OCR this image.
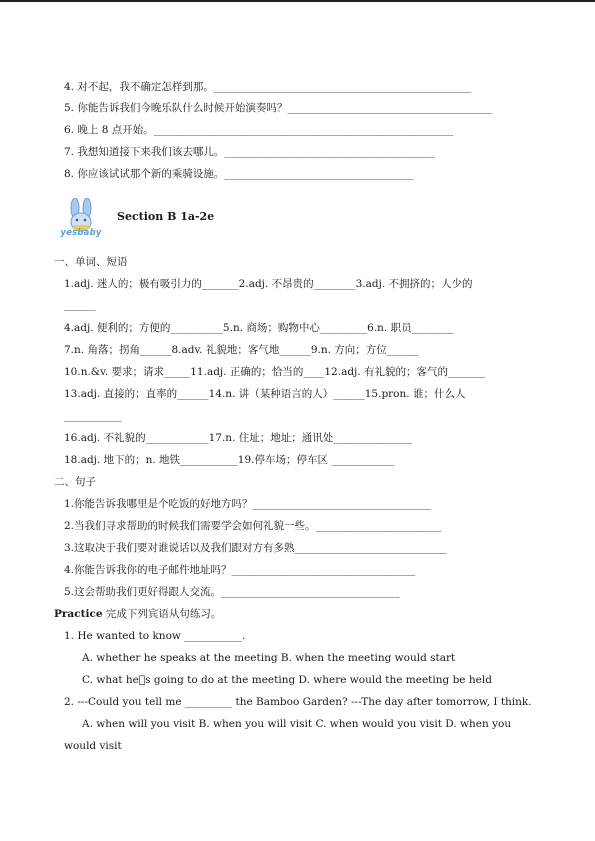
4. 对不起，我不确定怎样到那。_________________________________________________
5. 你能告诉我们今晚乐队什么时候开始演奏吗？_______________________________________
6. 晚上 8 点开始。_________________________________________________________
7. 我想知道接下来我们该去哪儿。________________________________________
8. 你应该试试那个新的乘骑设施。____________________________________
yesbaby
Section B 1a-2e
一、单词、短语
1.adj. 迷人的；极有吸引力的_______2.adj. 不昂贵的________3.adj. 不拥挤的；人少的
______
4.adj. 便利的；方便的__________5.n. 商场；购物中心_________6.n. 职员________
7.n. 角落；拐角______8.adv. 礼貌地；客气地______9.n. 方向；方位______
10.n.&v. 要求；请求_____11.adj. 正确的；恰当的____12.adj. 有礼貌的；客气的_______
13.adj. 直接的；直率的______14.n. 讲（某种语言的人）______15.pron. 谁；什么人
___________
16.adj. 不礼貌的____________17.n. 住址；地址；通讯处_______________
18.adj. 地下的；n. 地铁___________19.停车场；停车区 ____________
二、句子
1.你能告诉我哪里是个吃饭的好地方吗？__________________________________
2.当我们寻求帮助的时候我们需要学会如何礼貌一些。________________________
3.这取决于我们要对谁说话以及我们跟对方有多熟_____________________________
4.你能告诉我你的电子邮件地址吗？___________________________________
5.这会帮助我们更好得跟人交流。__________________________________
Practice 完成下列宾语从句练习。
1. He wanted to know ___________.
A. whether he speaks at the meeting B. when the meeting would start
C. what he s going to do at the meeting D. where would the meeting be held
2. ---Could you tell me _________ the Bamboo Garden? ---The day after tomorrow, I think.
A. when will you visit B. when you will visit C. when would you visit D. when you
would visit
